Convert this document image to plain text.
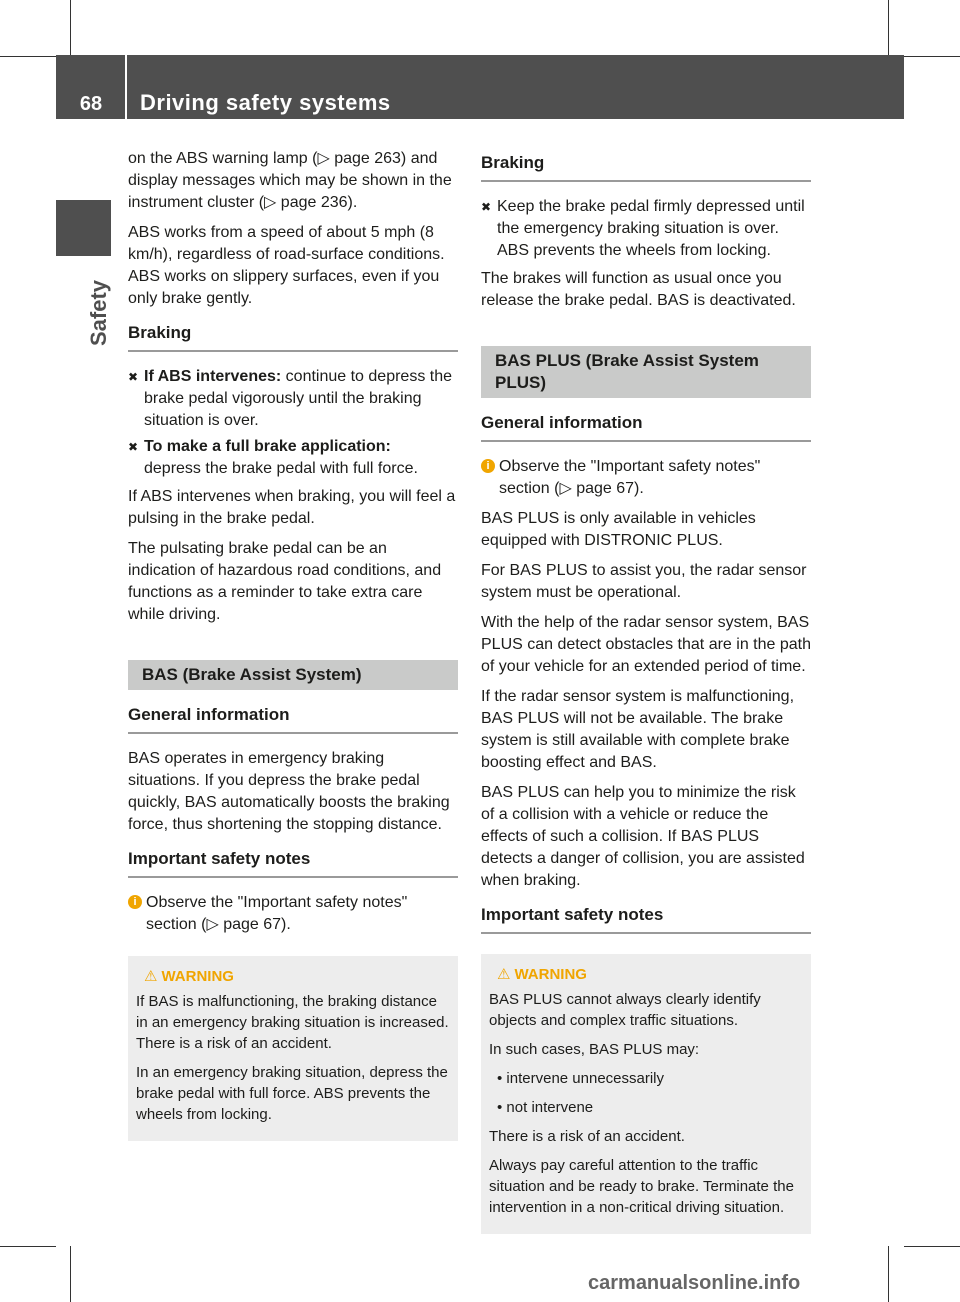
68	Driving safety systems
Safety

on the ABS warning lamp (▷ page 263) and display messages which may be shown in the instrument cluster (▷ page 236).

ABS works from a speed of about 5 mph (8 km/h), regardless of road-surface conditions. ABS works on slippery surfaces, even if you only brake gently.

Braking
✖ If ABS intervenes: continue to depress the brake pedal vigorously until the braking situation is over.
✖ To make a full brake application:
depress the brake pedal with full force.

If ABS intervenes when braking, you will feel a pulsing in the brake pedal.

The pulsating brake pedal can be an indication of hazardous road conditions, and functions as a reminder to take extra care while driving.

BAS (Brake Assist System)
General information

BAS operates in emergency braking situations. If you depress the brake pedal quickly, BAS automatically boosts the braking force, thus shortening the stopping distance.

Important safety notes
i Observe the "Important safety notes" section (▷ page 67).
⚠ WARNING

If BAS is malfunctioning, the braking distance in an emergency braking situation is increased. There is a risk of an accident.

In an emergency braking situation, depress the brake pedal with full force. ABS prevents the wheels from locking.

Braking
✖ Keep the brake pedal firmly depressed until the emergency braking situation is over. ABS prevents the wheels from locking.

The brakes will function as usual once you release the brake pedal. BAS is deactivated.

BAS PLUS (Brake Assist System PLUS)
General information
i Observe the "Important safety notes" section (▷ page 67).

BAS PLUS is only available in vehicles equipped with DISTRONIC PLUS.

For BAS PLUS to assist you, the radar sensor system must be operational.

With the help of the radar sensor system, BAS PLUS can detect obstacles that are in the path of your vehicle for an extended period of time.

If the radar sensor system is malfunctioning, BAS PLUS will not be available. The brake system is still available with complete brake boosting effect and BAS.

BAS PLUS can help you to minimize the risk of a collision with a vehicle or reduce the effects of such a collision. If BAS PLUS detects a danger of collision, you are assisted when braking.

Important safety notes
⚠ WARNING

BAS PLUS cannot always clearly identify objects and complex traffic situations.

In such cases, BAS PLUS may:

• intervene unnecessarily

• not intervene

There is a risk of an accident.

Always pay careful attention to the traffic situation and be ready to brake. Terminate the intervention in a non-critical driving situation.

carmanualsonline.info
